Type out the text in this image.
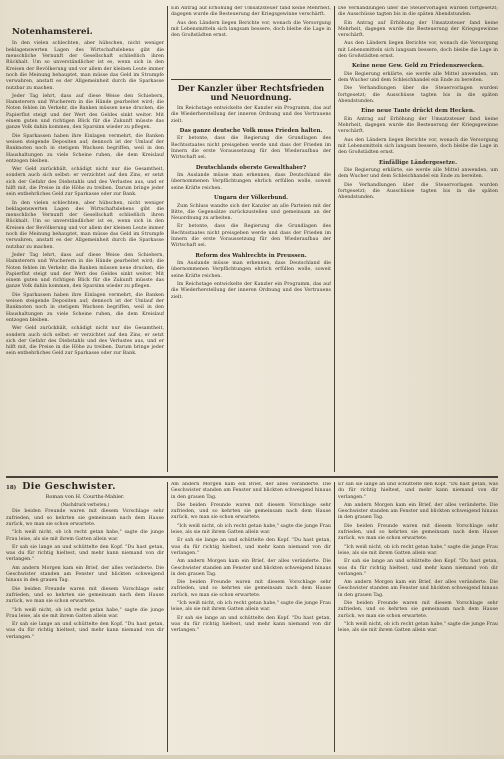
Notenhamsterei.

In den vielen schlechten, aber hübschen, nicht weniger beklagenswerten Lagen des Wirtschaftslebens gibt die menschliche Vernunft der Gesellschaft schließlich ihren Rückhalt. Um so unverständlicher ist es, wenn sich in den Kreisen der Bevölkerung und vor allem der kleinen Leute immer noch die Meinung behauptet, man müsse das Geld im Strumpfe verwahren, anstatt es der Allgemeinheit durch die Sparkasse nutzbar zu machen.

Jeder Tag lehrt, dass auf diese Weise den Schiebern, Hamsterern und Wucherern in die Hände gearbeitet wird; die Noten fehlen im Verkehr, die Banken müssen neue drucken, die Papierflut steigt und der Wert des Geldes sinkt weiter. Mit einem guten und richtigen Blick für die Zukunft müsste das ganze Volk dahin kommen, den Sparsinn wieder zu pflegen.

Die Sparkassen haben ihre Einlagen vermehrt, die Banken weisen steigende Depositen auf; dennoch ist der Umlauf der Banknoten noch in stetigem Wachsen begriffen, weil in den Haushaltungen zu viele Scheine ruhen, die dem Kreislauf entzogen bleiben.

Wer Geld zurückhält, schädigt nicht nur die Gesamtheit, sondern auch sich selbst: er verzichtet auf den Zins, er setzt sich der Gefahr des Diebstahls und des Verlustes aus, und er hilft mit, die Preise in die Höhe zu treiben. Darum bringe jeder sein entbehrliches Geld zur Sparkasse oder zur Bank.

In den vielen schlechten, aber hübschen, nicht weniger beklagenswerten Lagen des Wirtschaftslebens gibt die menschliche Vernunft der Gesellschaft schließlich ihren Rückhalt. Um so unverständlicher ist es, wenn sich in den Kreisen der Bevölkerung und vor allem der kleinen Leute immer noch die Meinung behauptet, man müsse das Geld im Strumpfe verwahren, anstatt es der Allgemeinheit durch die Sparkasse nutzbar zu machen.

Jeder Tag lehrt, dass auf diese Weise den Schiebern, Hamsterern und Wucherern in die Hände gearbeitet wird; die Noten fehlen im Verkehr, die Banken müssen neue drucken, die Papierflut steigt und der Wert des Geldes sinkt weiter. Mit einem guten und richtigen Blick für die Zukunft müsste das ganze Volk dahin kommen, den Sparsinn wieder zu pflegen.

Die Sparkassen haben ihre Einlagen vermehrt, die Banken weisen steigende Depositen auf; dennoch ist der Umlauf der Banknoten noch in stetigem Wachsen begriffen, weil in den Haushaltungen zu viele Scheine ruhen, die dem Kreislauf entzogen bleiben.

Wer Geld zurückhält, schädigt nicht nur die Gesamtheit, sondern auch sich selbst: er verzichtet auf den Zins, er setzt sich der Gefahr des Diebstahls und des Verlustes aus, und er hilft mit, die Preise in die Höhe zu treiben. Darum bringe jeder sein entbehrliches Geld zur Sparkasse oder zur Bank.

Ein Antrag auf Erhöhung der Umsatzsteuer fand keine Mehrheit, dagegen wurde die Besteuerung der Kriegsgewinne verschärft.

Aus den Ländern liegen Berichte vor, wonach die Versorgung mit Lebensmitteln sich langsam bessere, doch bleibe die Lage in den Großstädten ernst.

Der Kanzler über Rechtsfrieden und Neuordnung.

Im Reichstage entwickelte der Kanzler ein Programm, das auf die Wiederherstellung der inneren Ordnung und des Vertrauens zielt.

Das ganze deutsche Volk muss Frieden halten.

Er betonte, dass die Regierung die Grundlagen des Rechtsstaates nicht preisgeben werde und dass der Frieden im Innern die erste Voraussetzung für den Wiederaufbau der Wirtschaft sei.

Deutschlands oberste Gewalthaber?

Im Auslande müsse man erkennen, dass Deutschland die übernommenen Verpflichtungen ehrlich erfüllen wolle, soweit seine Kräfte reichen.

Ungarn der Völkerbund.

Zum Schluss wandte sich der Kanzler an alle Parteien mit der Bitte, die Gegensätze zurückzustellen und gemeinsam an der Neuordnung zu arbeiten.

Er betonte, dass die Regierung die Grundlagen des Rechtsstaates nicht preisgeben werde und dass der Frieden im Innern die erste Voraussetzung für den Wiederaufbau der Wirtschaft sei.

Reform des Wahlrechts in Preussen.

Im Auslande müsse man erkennen, dass Deutschland die übernommenen Verpflichtungen ehrlich erfüllen wolle, soweit seine Kräfte reichen.

Im Reichstage entwickelte der Kanzler ein Programm, das auf die Wiederherstellung der inneren Ordnung und des Vertrauens zielt.

Die Verhandlungen über die Steuervorlagen wurden fortgesetzt; die Ausschüsse tagten bis in die späten Abendstunden.

Ein Antrag auf Erhöhung der Umsatzsteuer fand keine Mehrheit, dagegen wurde die Besteuerung der Kriegsgewinne verschärft.

Aus den Ländern liegen Berichte vor, wonach die Versorgung mit Lebensmitteln sich langsam bessere, doch bleibe die Lage in den Großstädten ernst.

Keine neue Gew. Geld zu Friedenszwecken.

Die Regierung erklärte, sie werde alle Mittel anwenden, um dem Wucher und dem Schleichhandel ein Ende zu bereiten.

Die Verhandlungen über die Steuervorlagen wurden fortgesetzt; die Ausschüsse tagten bis in die späten Abendstunden.

Eine neue Tante drückt dem Hecken.

Ein Antrag auf Erhöhung der Umsatzsteuer fand keine Mehrheit, dagegen wurde die Besteuerung der Kriegsgewinne verschärft.

Aus den Ländern liegen Berichte vor, wonach die Versorgung mit Lebensmitteln sich langsam bessere, doch bleibe die Lage in den Großstädten ernst.

Einfällige Ländergesetze.

Die Regierung erklärte, sie werde alle Mittel anwenden, um dem Wucher und dem Schleichhandel ein Ende zu bereiten.

Die Verhandlungen über die Steuervorlagen wurden fortgesetzt; die Ausschüsse tagten bis in die späten Abendstunden.

18) Die Geschwister.
Roman von H. Courths-Mahler.
(Nachdruck verboten.)

Die beiden Freunde waren mit diesem Vorschlage sehr zufrieden, und so kehrten sie gemeinsam nach dem Hause zurück, wo man sie schon erwartete.

"Ich weiß nicht, ob ich recht getan habe," sagte die junge Frau leise, als sie mit ihrem Gatten allein war.

Er sah sie lange an und schüttelte den Kopf. "Du hast getan, was du für richtig hieltest, und mehr kann niemand von dir verlangen."

Am andern Morgen kam ein Brief, der alles veränderte. Die Geschwister standen am Fenster und blickten schweigend hinaus in den grauen Tag.

Die beiden Freunde waren mit diesem Vorschlage sehr zufrieden, und so kehrten sie gemeinsam nach dem Hause zurück, wo man sie schon erwartete.

"Ich weiß nicht, ob ich recht getan habe," sagte die junge Frau leise, als sie mit ihrem Gatten allein war.

Er sah sie lange an und schüttelte den Kopf. "Du hast getan, was du für richtig hieltest, und mehr kann niemand von dir verlangen."

Am andern Morgen kam ein Brief, der alles veränderte. Die Geschwister standen am Fenster und blickten schweigend hinaus in den grauen Tag.

Die beiden Freunde waren mit diesem Vorschlage sehr zufrieden, und so kehrten sie gemeinsam nach dem Hause zurück, wo man sie schon erwartete.

"Ich weiß nicht, ob ich recht getan habe," sagte die junge Frau leise, als sie mit ihrem Gatten allein war.

Er sah sie lange an und schüttelte den Kopf. "Du hast getan, was du für richtig hieltest, und mehr kann niemand von dir verlangen."

Am andern Morgen kam ein Brief, der alles veränderte. Die Geschwister standen am Fenster und blickten schweigend hinaus in den grauen Tag.

Die beiden Freunde waren mit diesem Vorschlage sehr zufrieden, und so kehrten sie gemeinsam nach dem Hause zurück, wo man sie schon erwartete.

"Ich weiß nicht, ob ich recht getan habe," sagte die junge Frau leise, als sie mit ihrem Gatten allein war.

Er sah sie lange an und schüttelte den Kopf. "Du hast getan, was du für richtig hieltest, und mehr kann niemand von dir verlangen."

Er sah sie lange an und schüttelte den Kopf. "Du hast getan, was du für richtig hieltest, und mehr kann niemand von dir verlangen."

Am andern Morgen kam ein Brief, der alles veränderte. Die Geschwister standen am Fenster und blickten schweigend hinaus in den grauen Tag.

Die beiden Freunde waren mit diesem Vorschlage sehr zufrieden, und so kehrten sie gemeinsam nach dem Hause zurück, wo man sie schon erwartete.

"Ich weiß nicht, ob ich recht getan habe," sagte die junge Frau leise, als sie mit ihrem Gatten allein war.

Er sah sie lange an und schüttelte den Kopf. "Du hast getan, was du für richtig hieltest, und mehr kann niemand von dir verlangen."

Am andern Morgen kam ein Brief, der alles veränderte. Die Geschwister standen am Fenster und blickten schweigend hinaus in den grauen Tag.

Die beiden Freunde waren mit diesem Vorschlage sehr zufrieden, und so kehrten sie gemeinsam nach dem Hause zurück, wo man sie schon erwartete.

"Ich weiß nicht, ob ich recht getan habe," sagte die junge Frau leise, als sie mit ihrem Gatten allein war.
